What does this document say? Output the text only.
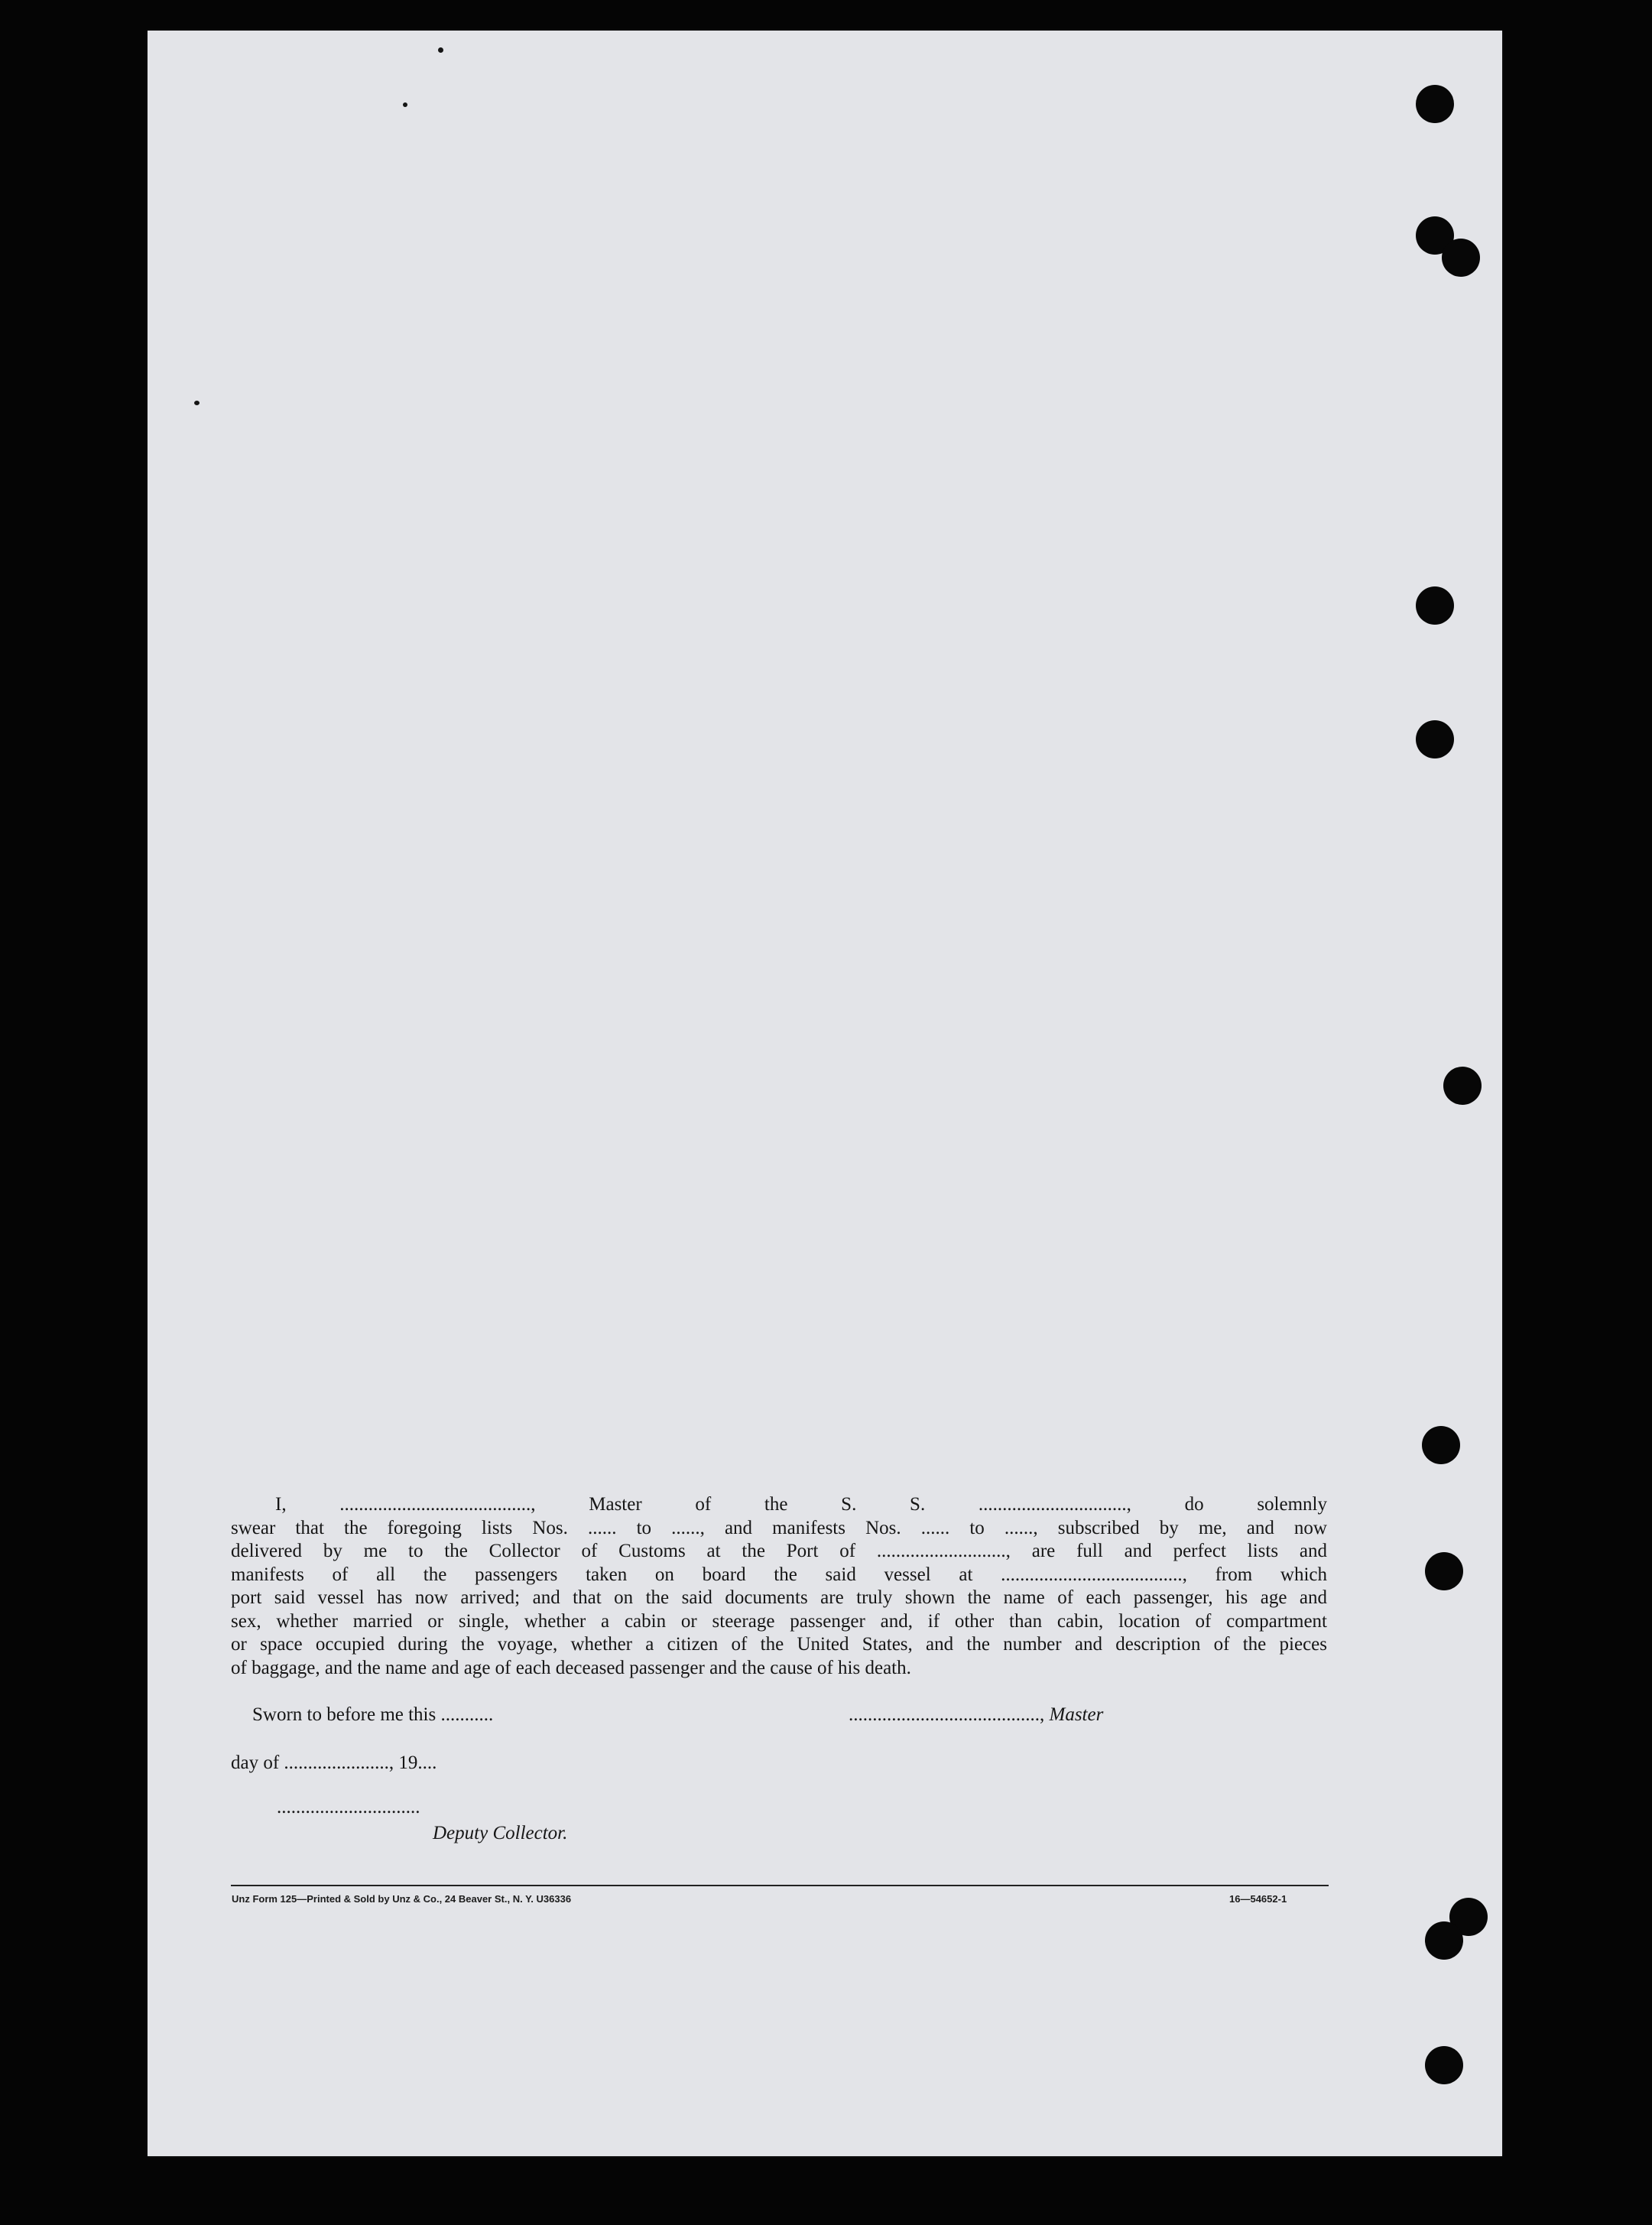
I, ........................................, Master of the S. S. ..............................., do solemnly
swear that the foregoing lists Nos. ...... to ......, and manifests Nos. ...... to ......, subscribed by me, and now
delivered by me to the Collector of Customs at the Port of ..........................., are full and perfect lists and
manifests of all the passengers taken on board the said vessel at ......................................, from which
port said vessel has now arrived; and that on the said documents are truly shown the name of each passenger, his age and
sex, whether married or single, whether a cabin or steerage passenger and, if other than cabin, location of compartment
or space occupied during the voyage, whether a citizen of the United States, and the number and description of the pieces
of baggage, and the name and age of each deceased passenger and the cause of his death.
Sworn to before me this ...........	........................................, Master
day of ......................, 19....
..............................
Deputy Collector.
Unz Form 125—Printed & Sold by Unz & Co., 24 Beaver St., N. Y. U36336	16—54652-1
